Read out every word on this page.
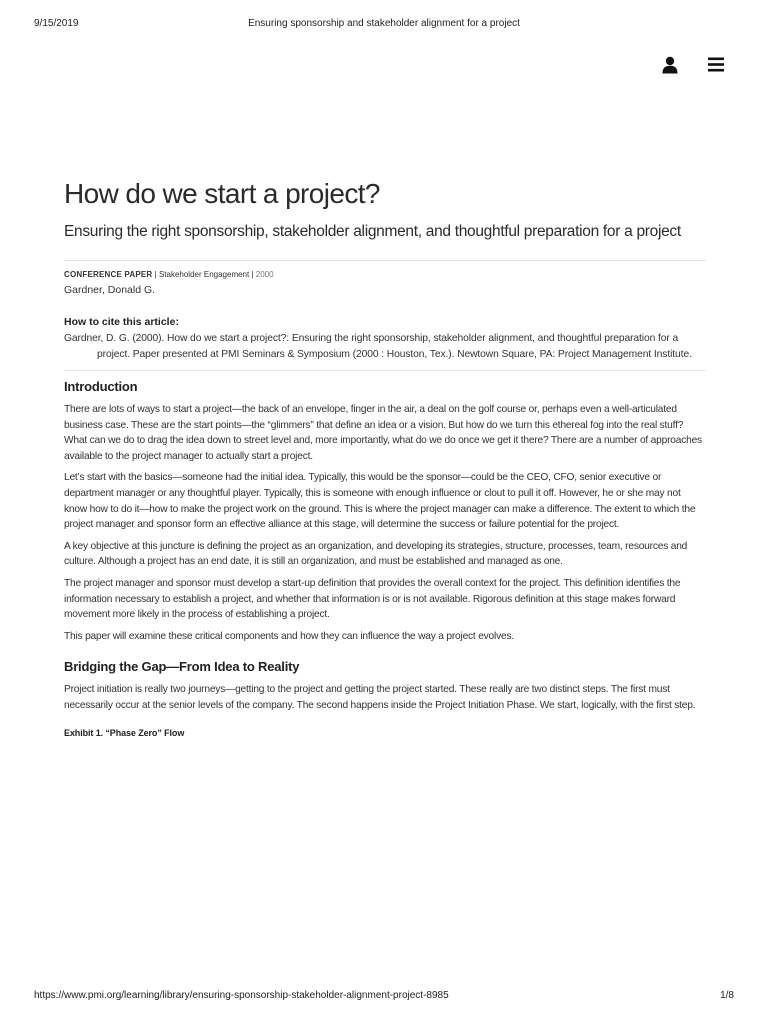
9/15/2019	Ensuring sponsorship and stakeholder alignment for a project
How do we start a project?
Ensuring the right sponsorship, stakeholder alignment, and thoughtful preparation for a project
CONFERENCE PAPER | Stakeholder Engagement | 2000
Gardner, Donald G.
How to cite this article:
Gardner, D. G. (2000). How do we start a project?: Ensuring the right sponsorship, stakeholder alignment, and thoughtful preparation for a project. Paper presented at PMI Seminars & Symposium (2000 : Houston, Tex.). Newtown Square, PA: Project Management Institute.
Introduction

There are lots of ways to start a project—the back of an envelope, finger in the air, a deal on the golf course or, perhaps even a well-articulated business case. These are the start points—the “glimmers” that define an idea or a vision. But how do we turn this ethereal fog into the real stuff? What can we do to drag the idea down to street level and, more importantly, what do we do once we get it there? There are a number of approaches available to the project manager to actually start a project.

Let’s start with the basics—someone had the initial idea. Typically, this would be the sponsor—could be the CEO, CFO, senior executive or department manager or any thoughtful player. Typically, this is someone with enough influence or clout to pull it off. However, he or she may not know how to do it—how to make the project work on the ground. This is where the project manager can make a difference. The extent to which the project manager and sponsor form an effective alliance at this stage, will determine the success or failure potential for the project.

A key objective at this juncture is defining the project as an organization, and developing its strategies, structure, processes, team, resources and culture. Although a project has an end date, it is still an organization, and must be established and managed as one.

The project manager and sponsor must develop a start-up definition that provides the overall context for the project. This definition identifies the information necessary to establish a project, and whether that information is or is not available. Rigorous definition at this stage makes forward movement more likely in the process of establishing a project.

This paper will examine these critical components and how they can influence the way a project evolves.

Bridging the Gap—From Idea to Reality

Project initiation is really two journeys—getting to the project and getting the project started. These really are two distinct steps. The first must necessarily occur at the senior levels of the company. The second happens inside the Project Initiation Phase. We start, logically, with the first step.

Exhibit 1. “Phase Zero” Flow
https://www.pmi.org/learning/library/ensuring-sponsorship-stakeholder-alignment-project-8985	1/8
